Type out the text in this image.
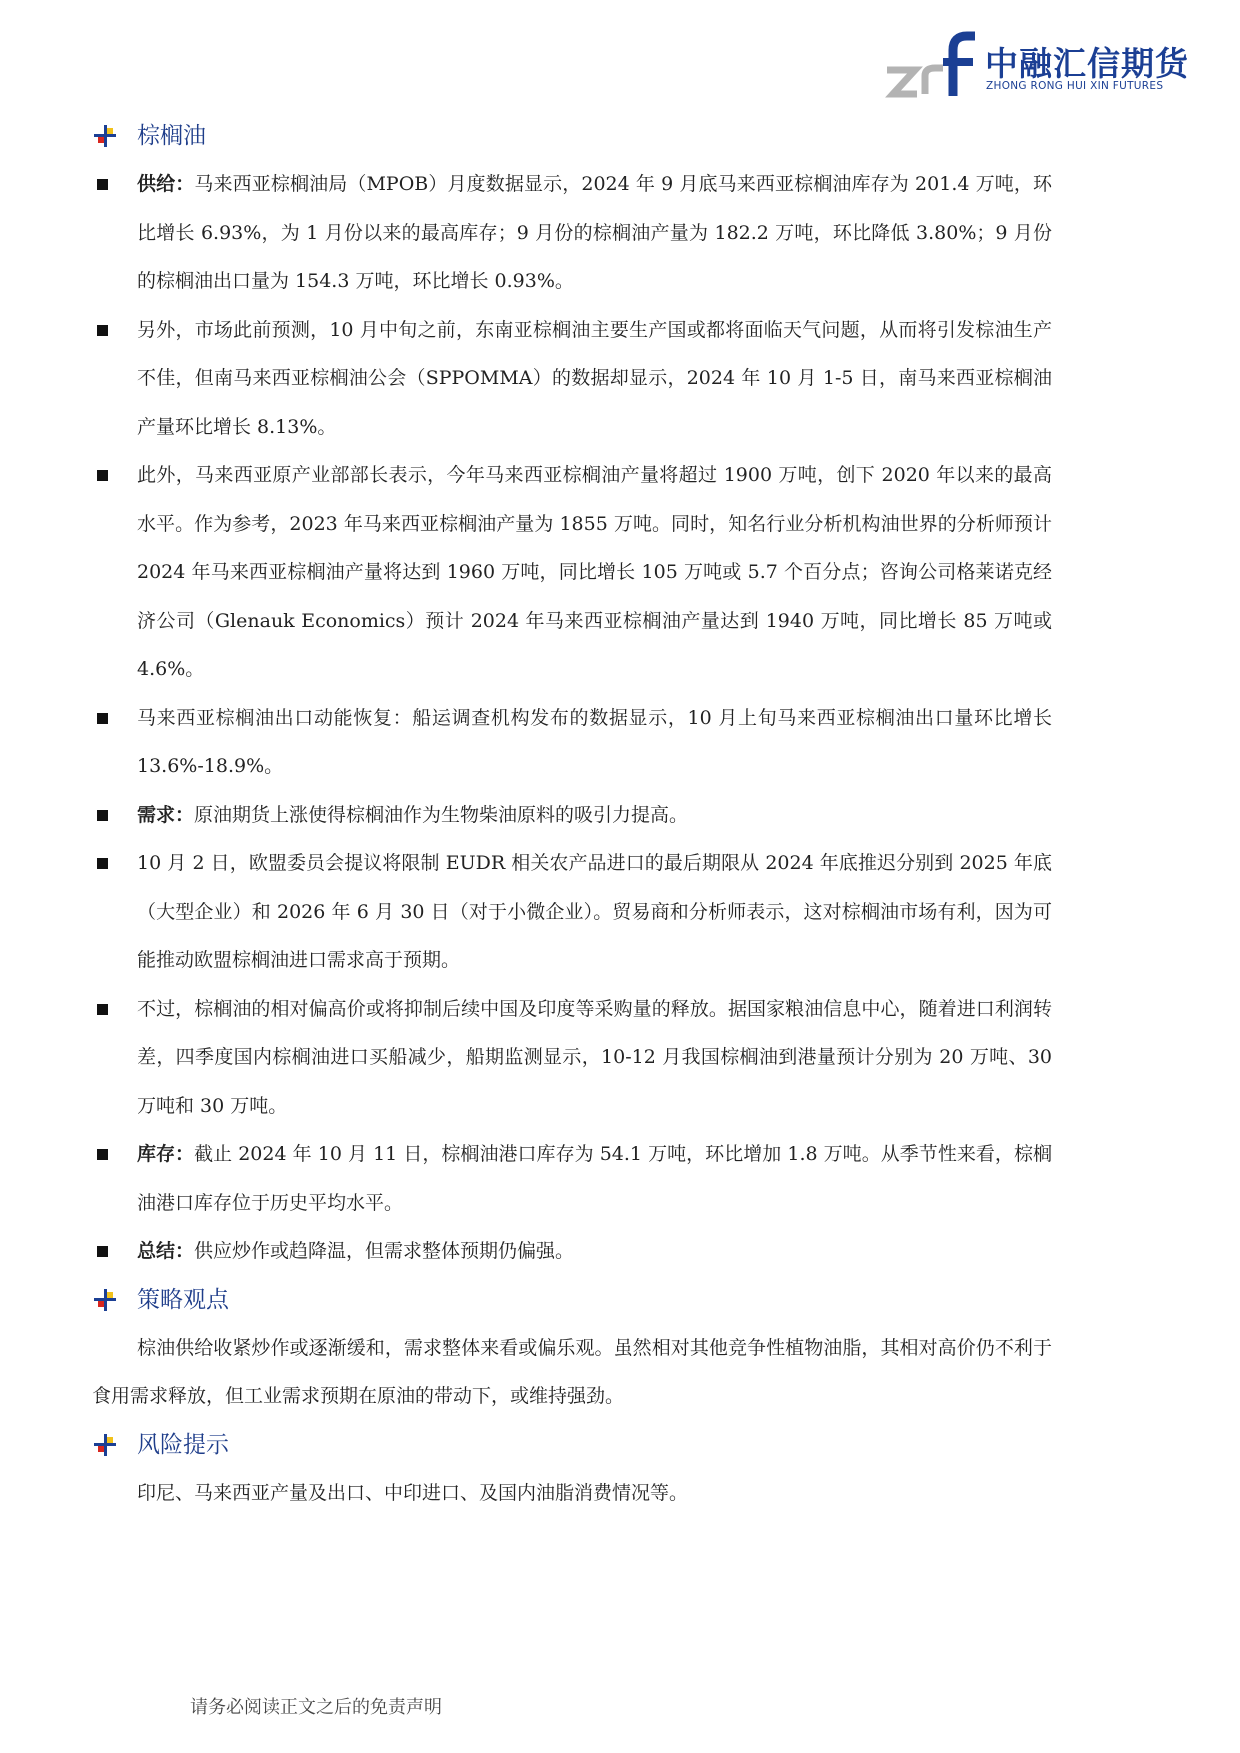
中融汇信期货
ZHONG RONG HUI XIN FUTURES
棕榈油
供给：马来西亚棕榈油局（MPOB）月度数据显示，2024 年 9 月底马来西亚棕榈油库存为 201.4 万吨，环比增长 6.93%，为 1 月份以来的最高库存；9 月份的棕榈油产量为 182.2 万吨，环比降低 3.80%；9 月份的棕榈油出口量为 154.3 万吨，环比增长 0.93%。
另外，市场此前预测，10 月中旬之前，东南亚棕榈油主要生产国或都将面临天气问题，从而将引发棕油生产不佳，但南马来西亚棕榈油公会（SPPOMMA）的数据却显示，2024 年 10 月 1-5 日，南马来西亚棕榈油产量环比增长 8.13%。
此外，马来西亚原产业部部长表示，今年马来西亚棕榈油产量将超过 1900 万吨，创下 2020 年以来的最高水平。作为参考，2023 年马来西亚棕榈油产量为 1855 万吨。同时，知名行业分析机构油世界的分析师预计 2024 年马来西亚棕榈油产量将达到 1960 万吨，同比增长 105 万吨或 5.7 个百分点；咨询公司格莱诺克经济公司（Glenauk Economics）预计 2024 年马来西亚棕榈油产量达到 1940 万吨，同比增长 85 万吨或 4.6%。
马来西亚棕榈油出口动能恢复：船运调查机构发布的数据显示，10 月上旬马来西亚棕榈油出口量环比增长 13.6%-18.9%。
需求：原油期货上涨使得棕榈油作为生物柴油原料的吸引力提高。
10 月 2 日，欧盟委员会提议将限制 EUDR 相关农产品进口的最后期限从 2024 年底推迟分别到 2025 年底（大型企业）和 2026 年 6 月 30 日（对于小微企业）。贸易商和分析师表示，这对棕榈油市场有利，因为可能推动欧盟棕榈油进口需求高于预期。
不过，棕榈油的相对偏高价或将抑制后续中国及印度等采购量的释放。据国家粮油信息中心，随着进口利润转差，四季度国内棕榈油进口买船减少，船期监测显示，10-12 月我国棕榈油到港量预计分别为 20 万吨、30 万吨和 30 万吨。
库存：截止 2024 年 10 月 11 日，棕榈油港口库存为 54.1 万吨，环比增加 1.8 万吨。从季节性来看，棕榈油港口库存位于历史平均水平。
总结：供应炒作或趋降温，但需求整体预期仍偏强。
策略观点
棕油供给收紧炒作或逐渐缓和，需求整体来看或偏乐观。虽然相对其他竞争性植物油脂，其相对高价仍不利于食用需求释放，但工业需求预期在原油的带动下，或维持强劲。
风险提示
印尼、马来西亚产量及出口、中印进口、及国内油脂消费情况等。
请务必阅读正文之后的免责声明
